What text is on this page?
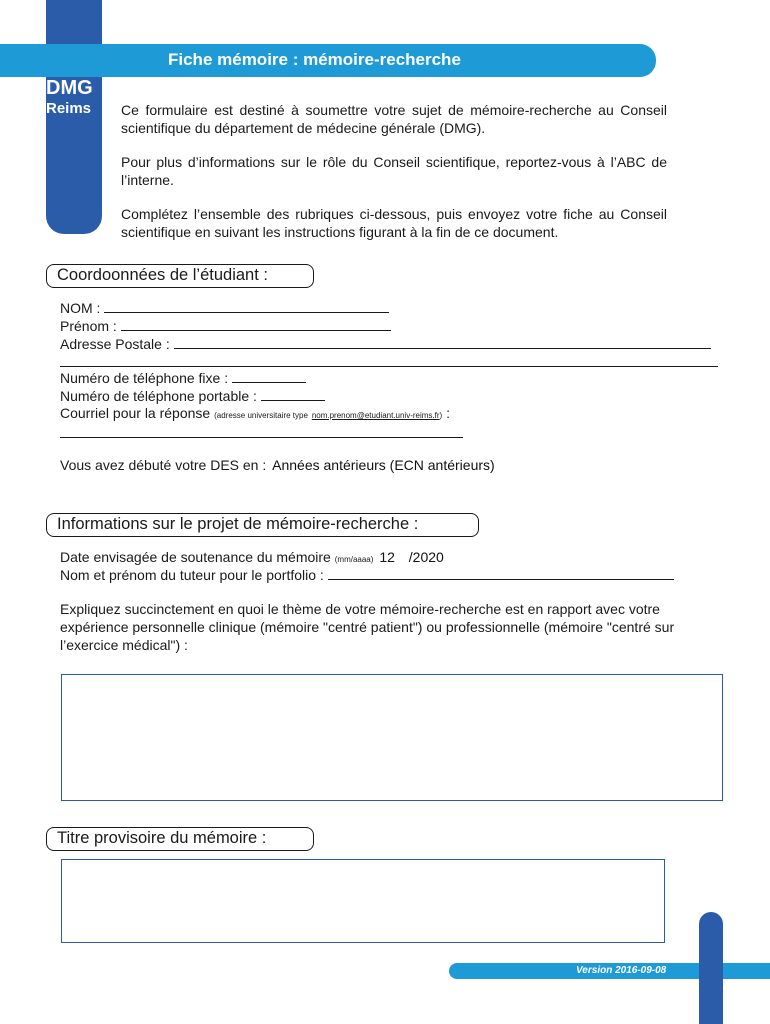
Fiche mémoire : mémoire-recherche
DMG
Reims Ce formulaire est destiné à soumettre votre sujet de mémoire-recherche au Conseil scientifique du département de médecine générale (DMG).

Pour plus d’informations sur le rôle du Conseil scientifique, reportez-vous à l’ABC de l’interne.

Complétez l’ensemble des rubriques ci-dessous, puis envoyez votre fiche au Conseil scientifique en suivant les instructions figurant à la fin de ce document.

Coordoonnées de l’étudiant :
NOM :
Prénom :
Adresse Postale :
Numéro de téléphone fixe :
Numéro de téléphone portable :
Courriel pour la réponse (adresse universitaire type nom.prenom@etudiant.univ-reims.fr) :
Vous avez débuté votre DES en : Années antérieurs (ECN antérieurs)
Informations sur le projet de mémoire-recherche :
Date envisagée de soutenance du mémoire (mm/aaaa) 12 /2020
Nom et prénom du tuteur pour le portfolio :
Expliquez succinctement en quoi le thème de votre mémoire-recherche est en rapport avec votre expérience personnelle clinique (mémoire "centré patient") ou professionnelle (mémoire "centré sur l’exercice médical") :
Titre provisoire du mémoire :
Version 2016-09-08
